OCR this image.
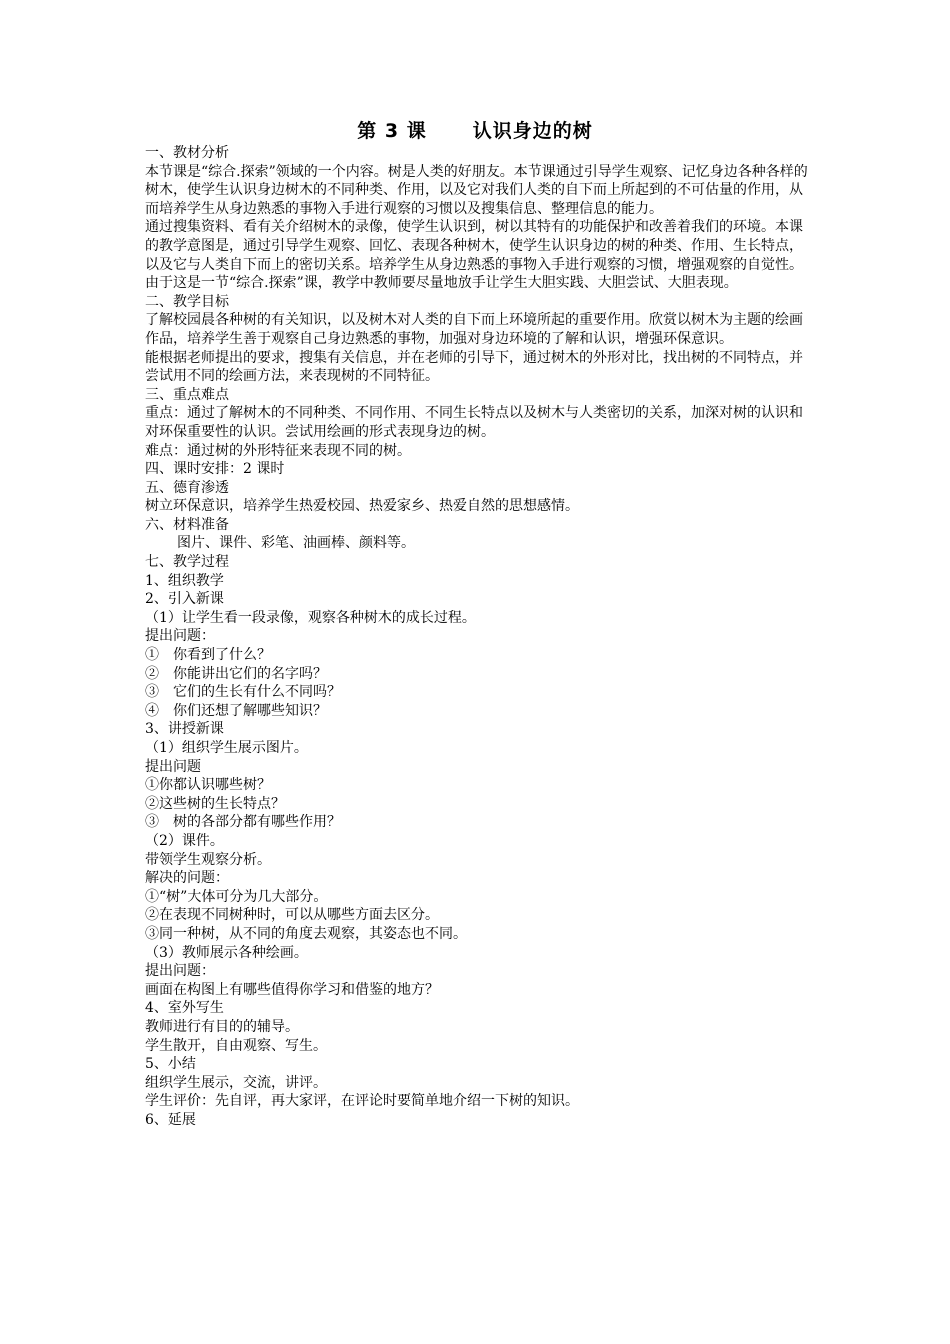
第 3 课 认识身边的树

一、教材分析

本节课是“综合.探索”领域的一个内容。树是人类的好朋友。本节课通过引导学生观察、记忆身边各种各样的树木，使学生认识身边树木的不同种类、作用，以及它对我们人类的自下而上所起到的不可估量的作用，从而培养学生从身边熟悉的事物入手进行观察的习惯以及搜集信息、整理信息的能力。

通过搜集资料、看有关介绍树木的录像，使学生认识到，树以其特有的功能保护和改善着我们的环境。本课的教学意图是，通过引导学生观察、回忆、表现各种树木，使学生认识身边的树的种类、作用、生长特点，以及它与人类自下而上的密切关系。培养学生从身边熟悉的事物入手进行观察的习惯，增强观察的自觉性。由于这是一节“综合.探索”课，教学中教师要尽量地放手让学生大胆实践、大胆尝试、大胆表现。

二、教学目标

了解校园晨各种树的有关知识，以及树木对人类的自下而上环境所起的重要作用。欣赏以树木为主题的绘画作品，培养学生善于观察自己身边熟悉的事物，加强对身边环境的了解和认识，增强环保意识。

能根据老师提出的要求，搜集有关信息，并在老师的引导下，通过树木的外形对比，找出树的不同特点，并尝试用不同的绘画方法，来表现树的不同特征。

三、重点难点

重点：通过了解树木的不同种类、不同作用、不同生长特点以及树木与人类密切的关系，加深对树的认识和对环保重要性的认识。尝试用绘画的形式表现身边的树。

难点：通过树的外形特征来表现不同的树。

四、课时安排：2 课时

五、德育渗透

树立环保意识，培养学生热爱校园、热爱家乡、热爱自然的思想感情。

六、材料准备

图片、课件、彩笔、油画棒、颜料等。

七、教学过程

1、组织教学

2、引入新课

（1）让学生看一段录像，观察各种树木的成长过程。

提出问题：

①　你看到了什么？

②　你能讲出它们的名字吗？

③　它们的生长有什么不同吗？

④　你们还想了解哪些知识？

3、讲授新课

（1）组织学生展示图片。

提出问题

①你都认识哪些树？

②这些树的生长特点？

③　树的各部分都有哪些作用？

（2）课件。

带领学生观察分析。

解决的问题：

①“树”大体可分为几大部分。

②在表现不同树种时，可以从哪些方面去区分。

③同一种树，从不同的角度去观察，其姿态也不同。

（3）教师展示各种绘画。

提出问题：

画面在构图上有哪些值得你学习和借鉴的地方？

4、室外写生

教师进行有目的的辅导。

学生散开，自由观察、写生。

5、小结

组织学生展示，交流，讲评。

学生评价：先自评，再大家评，在评论时要简单地介绍一下树的知识。

6、延展
